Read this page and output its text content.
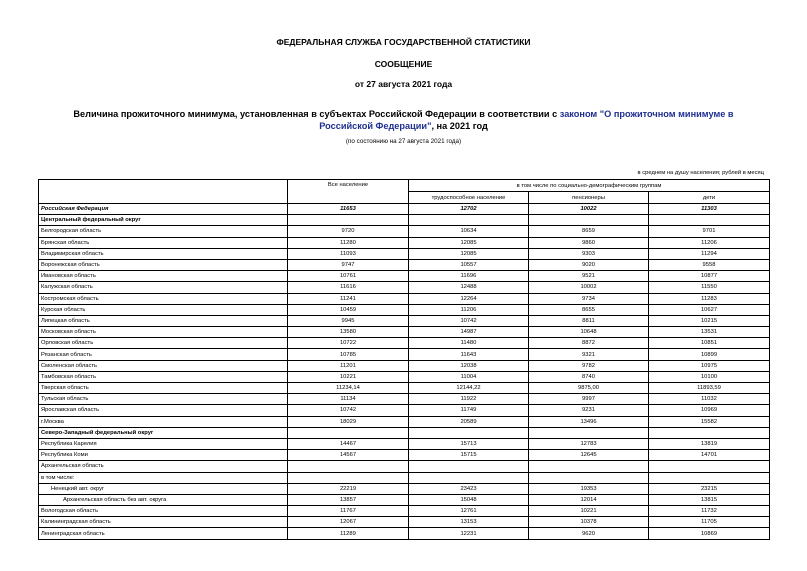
ФЕДЕРАЛЬНАЯ СЛУЖБА ГОСУДАРСТВЕННОЙ СТАТИСТИКИ
СООБЩЕНИЕ
от 27 августа 2021 года
Величина прожиточного минимума, установленная в субъектах Российской Федерации в соответствии с законом "О прожиточном минимуме в Российской Федерации", на 2021 год
(по состоянию на 27 августа 2021 года)
в среднем на душу населения; рублей в месяц
	Все население	в том числе по социально-демографическим группам		
		трудоспособное население	пенсионеры	дети
Российская Федерация	11653	12702	10022	11303
Центральный федеральный округ				
Белгородская область	9720	10634	8659	9701
Брянская область	11280	12085	9860	11206
Владимирская область	11093	12085	9303	11294
Воронежская область	9747	10557	9020	9558
Ивановская область	10761	11696	9521	10877
Калужская область	11616	12488	10002	11550
Костромская область	11241	12264	9734	11283
Курская область	10459	11206	8655	10627
Липецкая область	9945	10742	8811	10215
Московская область	13580	14987	10648	13531
Орловская область	10722	11480	8872	10851
Рязанская область	10785	11643	9321	10899
Смоленская область	11201	12038	9782	10975
Тамбовская область	10221	11004	8740	10100
Тверская область	11234,14	12144,22	9875,00	11893,59
Тульская область	11134	11922	9997	11032
Ярославская область	10742	11749	9231	10969
г.Москва	18029	20589	13496	15582
Северо-Западный федеральный округ				
Республика Карелия	14467	15713	12783	13819
Республика Коми	14567	15715	12645	14701
Архангельская область				
в том числе:				
Ненецкий авт. округ	22219	23423	19353	23215
Архангельская область без авт. округа	13857	15048	12014	13815
Вологодская область	11767	12761	10221	11732
Калининградская область	12067	13153	10378	11705
Ленинградская область	11289	12231	9620	10869
